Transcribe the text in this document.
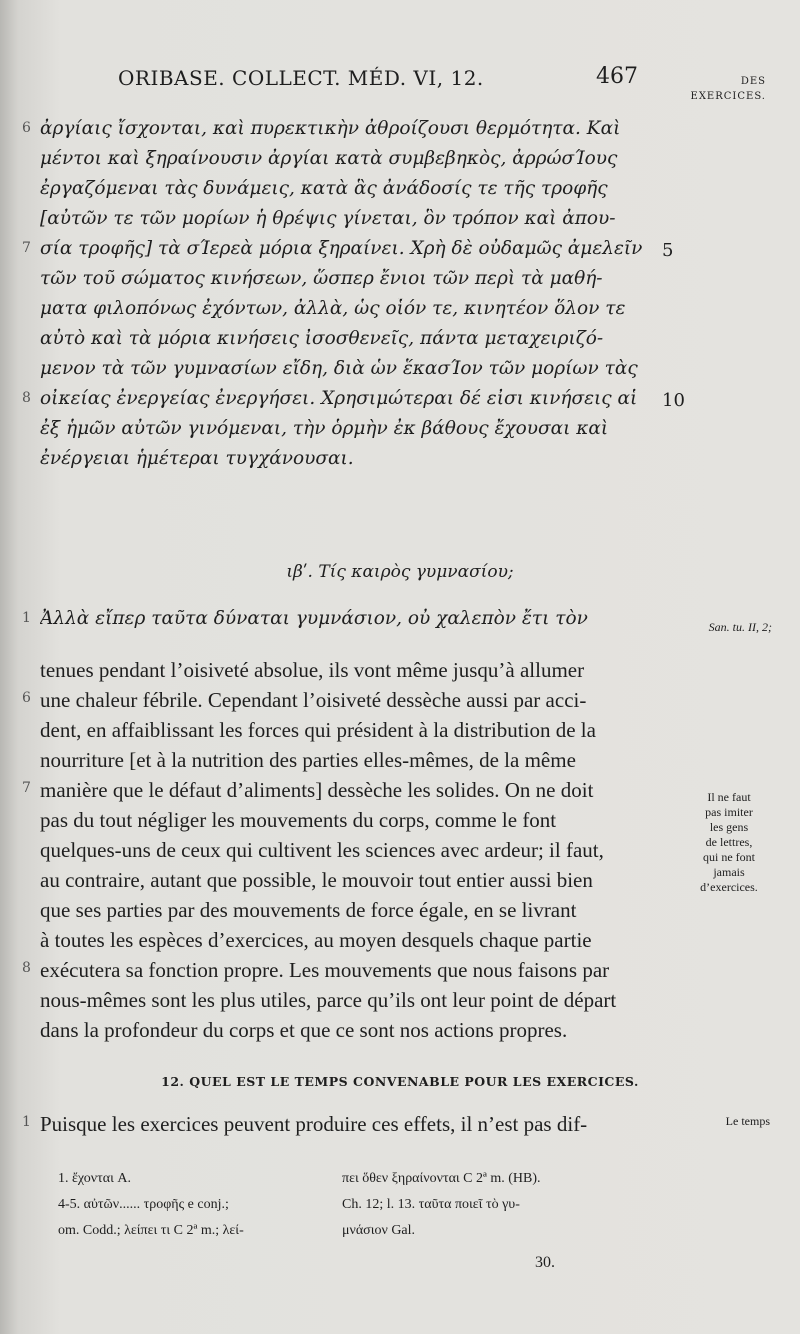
ORIBASE. COLLECT. MÉD. VI, 12.	467	DES
EXERCICES.
6 ἀργίαις ἴσχονται, καὶ πυρεκτικὴν ἀθροίζουσι θερμότητα. Καὶ
μέντοι καὶ ξηραίνουσιν ἀργίαι κατὰ συμβεβηκὸς, ἀρρώσΊους
ἐργαζόμεναι τὰς δυνάμεις, κατὰ ἃς ἀνάδοσίς τε τῆς τροφῆς
[αὐτῶν τε τῶν μορίων ἡ θρέψις γίνεται, ὃν τρόπον καὶ ἀπου-
7 σία τροφῆς] τὰ σΊερεὰ μόρια ξηραίνει. Χρὴ δὲ οὐδαμῶς ἀμελεῖν	5
τῶν τοῦ σώματος κινήσεων, ὥσπερ ἔνιοι τῶν περὶ τὰ μαθή-
ματα φιλοπόνως ἐχόντων, ἀλλὰ, ὡς οἷόν τε, κινητέον ὅλον τε
αὐτὸ καὶ τὰ μόρια κινήσεις ἰσοσθενεῖς, πάντα μεταχειριζό-
μενον τὰ τῶν γυμνασίων εἴδη, διὰ ὧν ἕκασΊον τῶν μορίων τὰς
8 οἰκείας ἐνεργείας ἐνεργήσει. Χρησιμώτεραι δέ εἰσι κινήσεις αἱ	10
ἐξ ἡμῶν αὐτῶν γινόμεναι, τὴν ὁρμὴν ἐκ βάθους ἔχουσαι καὶ
ἐνέργειαι ἡμέτεραι τυγχάνουσαι.
ιβʹ. Τίς καιρὸς γυμνασίου;
1 Ἀλλὰ εἴπερ ταῦτα δύναται γυμνάσιον, οὐ χαλεπὸν ἔτι τὸν	San. tu. II, 2;
tenues pendant l’oisiveté absolue, ils vont même jusqu’à allumer
6 une chaleur fébrile. Cependant l’oisiveté dessèche aussi par acci-
dent, en affaiblissant les forces qui président à la distribution de la
nourriture [et à la nutrition des parties elles-mêmes, de la même
7 manière que le défaut d’aliments] dessèche les solides. On ne doit
pas du tout négliger les mouvements du corps, comme le font
quelques-uns de ceux qui cultivent les sciences avec ardeur; il faut,
au contraire, autant que possible, le mouvoir tout entier aussi bien
que ses parties par des mouvements de force égale, en se livrant
à toutes les espèces d’exercices, au moyen desquels chaque partie
8 exécutera sa fonction propre. Les mouvements que nous faisons par
nous-mêmes sont les plus utiles, parce qu’ils ont leur point de départ
dans la profondeur du corps et que ce sont nos actions propres.
Il ne faut
pas imiter
les gens
de lettres,
qui ne font
jamais
d’exercices.
12. QUEL EST LE TEMPS CONVENABLE POUR LES EXERCICES.
1 Puisque les exercices peuvent produire ces effets, il n’est pas dif-	Le temps
1. ἔχονται A.
4-5. αὐτῶν...... τροφῆς e conj.;
om. Codd.; λείπει τι C 2ª m.; λεί-
πει ὅθεν ξηραίνονται C 2ª m. (HB).
Ch. 12; l. 13. ταῦτα ποιεῖ τὸ γυ-
μνάσιον Gal.
30.
